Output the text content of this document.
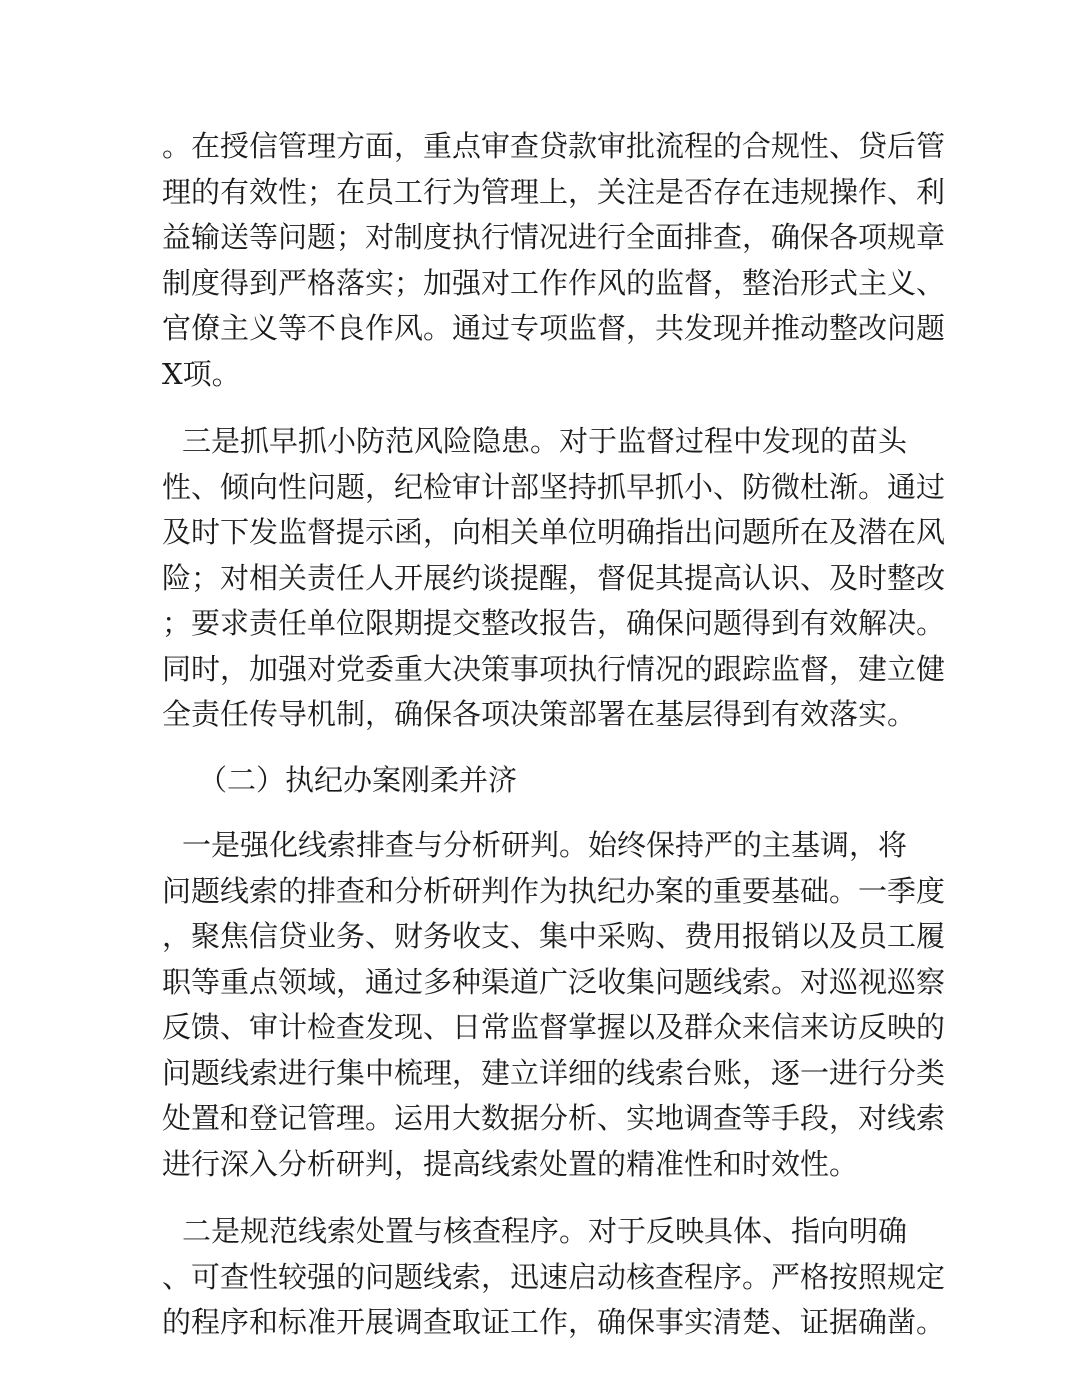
。在授信管理方面，重点审查贷款审批流程的合规性、贷后管
理的有效性；在员工行为管理上，关注是否存在违规操作、利
益输送等问题；对制度执行情况进行全面排查，确保各项规章
制度得到严格落实；加强对工作作风的监督，整治形式主义、
官僚主义等不良作风。通过专项监督，共发现并推动整改问题
X项。
三是抓早抓小防范风险隐患。对于监督过程中发现的苗头
性、倾向性问题，纪检审计部坚持抓早抓小、防微杜渐。通过
及时下发监督提示函，向相关单位明确指出问题所在及潜在风
险；对相关责任人开展约谈提醒，督促其提高认识、及时整改
；要求责任单位限期提交整改报告，确保问题得到有效解决。
同时，加强对党委重大决策事项执行情况的跟踪监督，建立健
全责任传导机制，确保各项决策部署在基层得到有效落实。
（二）执纪办案刚柔并济
一是强化线索排查与分析研判。始终保持严的主基调，将
问题线索的排查和分析研判作为执纪办案的重要基础。一季度
，聚焦信贷业务、财务收支、集中采购、费用报销以及员工履
职等重点领域，通过多种渠道广泛收集问题线索。对巡视巡察
反馈、审计检查发现、日常监督掌握以及群众来信来访反映的
问题线索进行集中梳理，建立详细的线索台账，逐一进行分类
处置和登记管理。运用大数据分析、实地调查等手段，对线索
进行深入分析研判，提高线索处置的精准性和时效性。
二是规范线索处置与核查程序。对于反映具体、指向明确
、可查性较强的问题线索，迅速启动核查程序。严格按照规定
的程序和标准开展调查取证工作，确保事实清楚、证据确凿。
